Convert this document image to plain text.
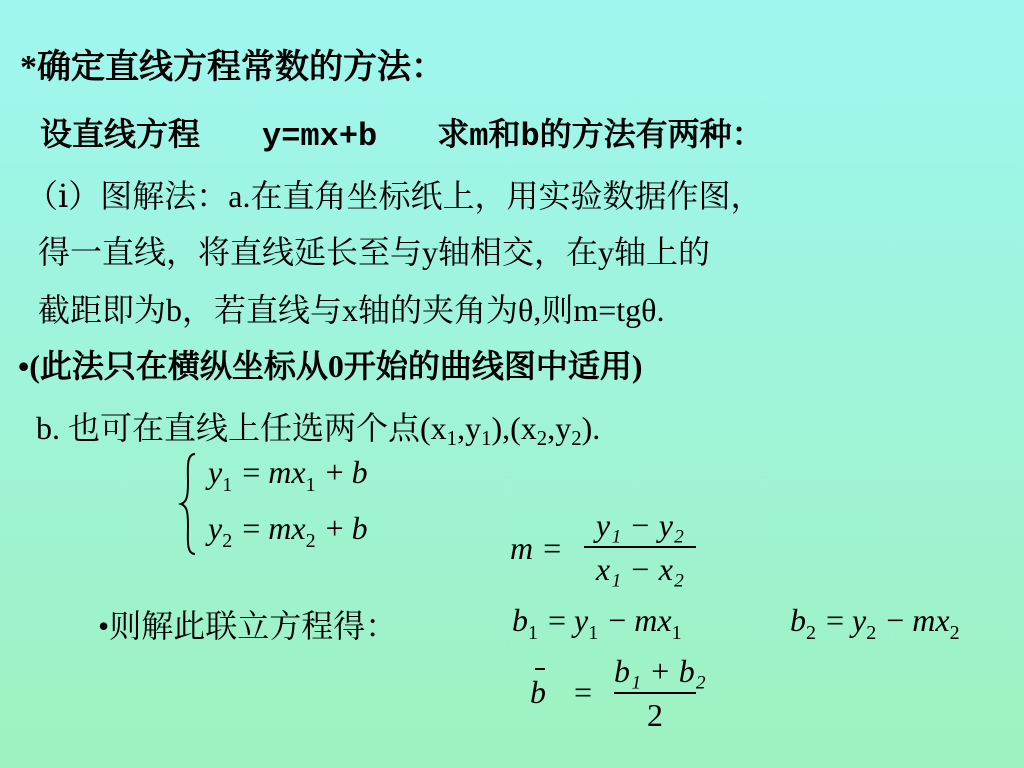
*确定直线方程常数的方法：
设直线方程 y=mx+b 求m和b的方法有两种：
（ⅰ）图解法：a.在直角坐标纸上，用实验数据作图，
得一直线，将直线延长至与y轴相交，在y轴上的
截距即为b，若直线与x轴的夹角为θ,则m=tgθ.
•(此法只在横纵坐标从0开始的曲线图中适用)
b. 也可在直线上任选两个点$(x_1,y_1),(x_2,y_2)$.
$y_1 = mx_1 + b$
$y_2 = mx_2 + b$
m =
y₁ − y₂
x₁ − x₂
•则解此联立方程得：	$b_1 = y_1 - mx_1$	$b_2 = y_2 - mx_2$
b =
b₁ + b₂
2
